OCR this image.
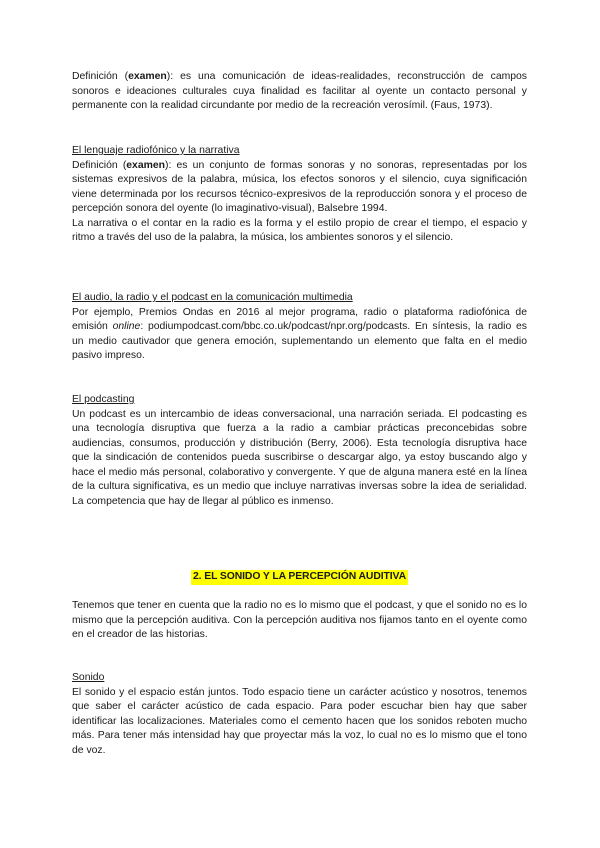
Definición (examen): es una comunicación de ideas-realidades, reconstrucción de campos sonoros e ideaciones culturales cuya finalidad es facilitar al oyente un contacto personal y permanente con la realidad circundante por medio de la recreación verosímil. (Faus, 1973).

El lenguaje radiofónico y la narrativa

Definición (examen): es un conjunto de formas sonoras y no sonoras, representadas por los sistemas expresivos de la palabra, música, los efectos sonoros y el silencio, cuya significación viene determinada por los recursos técnico-expresivos de la reproducción sonora y el proceso de percepción sonora del oyente (lo imaginativo-visual), Balsebre 1994.

La narrativa o el contar en la radio es la forma y el estilo propio de crear el tiempo, el espacio y ritmo a través del uso de la palabra, la música, los ambientes sonoros y el silencio.

El audio, la radio y el podcast en la comunicación multimedia

Por ejemplo, Premios Ondas en 2016 al mejor programa, radio o plataforma radiofónica de emisión online: podiumpodcast.com/bbc.co.uk/podcast/npr.org/podcasts. En síntesis, la radio es un medio cautivador que genera emoción, suplementando un elemento que falta en el medio pasivo impreso.

El podcasting

Un podcast es un intercambio de ideas conversacional, una narración seriada. El podcasting es una tecnología disruptiva que fuerza a la radio a cambiar prácticas preconcebidas sobre audiencias, consumos, producción y distribución (Berry, 2006). Esta tecnología disruptiva hace que la sindicación de contenidos pueda suscribirse o descargar algo, ya estoy buscando algo y hace el medio más personal, colaborativo y convergente. Y que de alguna manera esté en la línea de la cultura significativa, es un medio que incluye narrativas inversas sobre la idea de serialidad. La competencia que hay de llegar al público es inmenso.

2. EL SONIDO Y LA PERCEPCIÓN AUDITIVA

Tenemos que tener en cuenta que la radio no es lo mismo que el podcast, y que el sonido no es lo mismo que la percepción auditiva. Con la percepción auditiva nos fijamos tanto en el oyente como en el creador de las historias.

Sonido

El sonido y el espacio están juntos. Todo espacio tiene un carácter acústico y nosotros, tenemos que saber el carácter acústico de cada espacio. Para poder escuchar bien hay que saber identificar las localizaciones. Materiales como el cemento hacen que los sonidos reboten mucho más. Para tener más intensidad hay que proyectar más la voz, lo cual no es lo mismo que el tono de voz.
